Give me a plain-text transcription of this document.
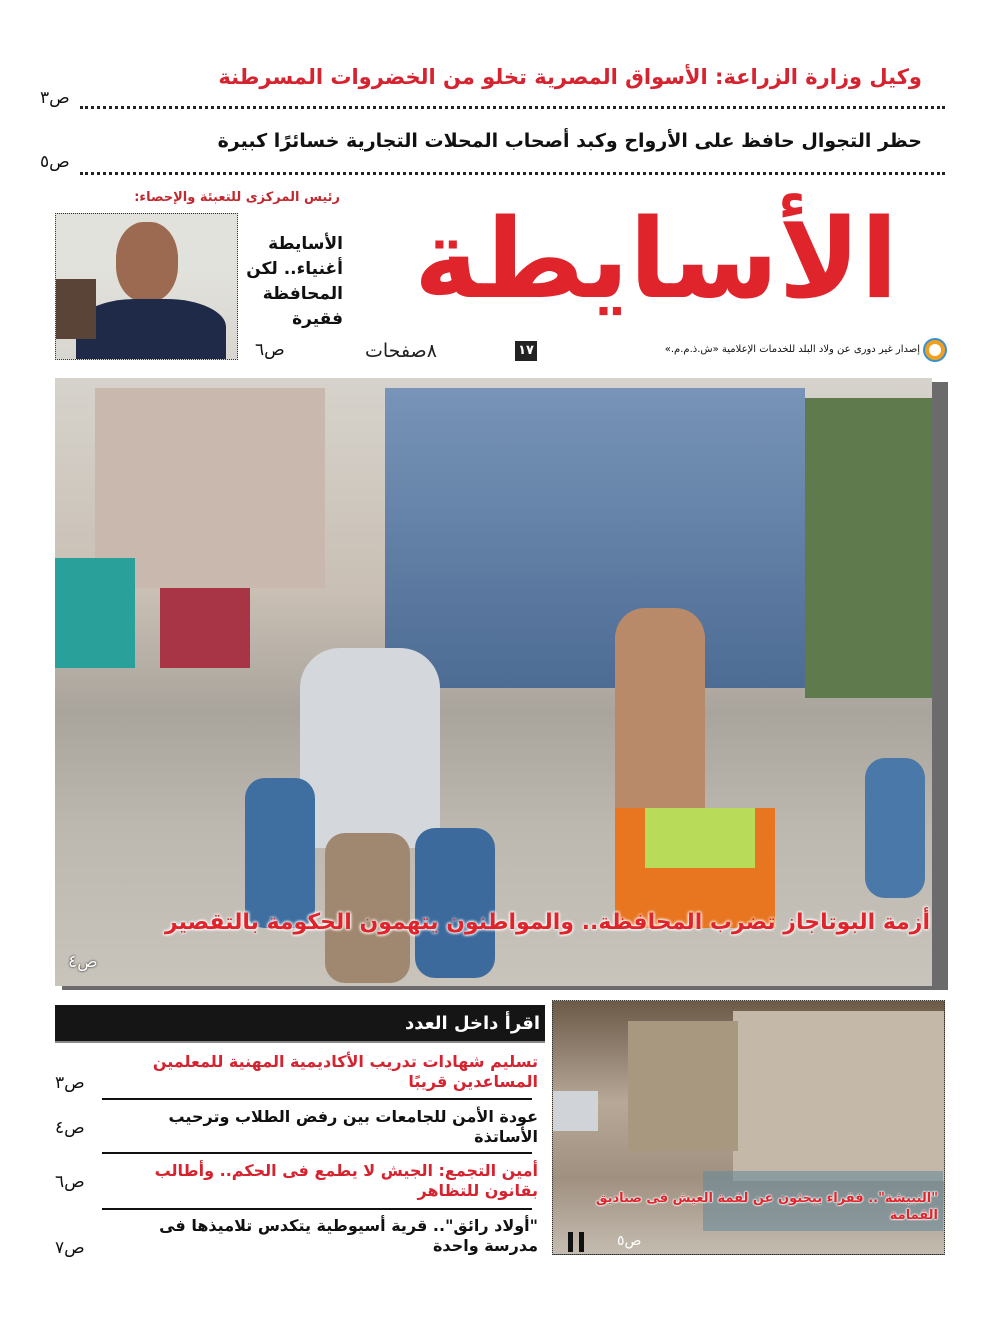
وكيل وزارة الزراعة: الأسواق المصرية تخلو من الخضروات المسرطنة
ص٣
حظر التجوال حافظ على الأرواح وكبد أصحاب المحلات التجارية خسائرًا كبيرة
ص٥
الأسايطة
إصدار غير دورى عن ولاد البلد للخدمات الإعلامية «ش.ذ.م.م.»
١٧
٨صفحات
رئيس المركزى للتعبئة والإحصاء:
الأسايطة
أغنياء.. لكن
المحافظة
فقيرة
ص٦
أزمة البوتاجاز تضرب المحافظة.. والمواطنون يتهمون الحكومة بالتقصير
ص٤
اقرأ داخل العدد
تسليم شهادات تدريب الأكاديمية المهنية للمعلمين المساعدين قريبًا
ص٣
عودة الأمن للجامعات بين رفض الطلاب وترحيب الأساتذة
ص٤
أمين التجمع: الجيش لا يطمع فى الحكم.. وأطالب بقانون للتظاهر
ص٦
"أولاد رائق".. قرية أسيوطية يتكدس تلاميذها فى مدرسة واحدة
ص٧
"النبيشة".. فقراء يبحثون عن لقمة العيش فى صناديق القمامة
ص٥
